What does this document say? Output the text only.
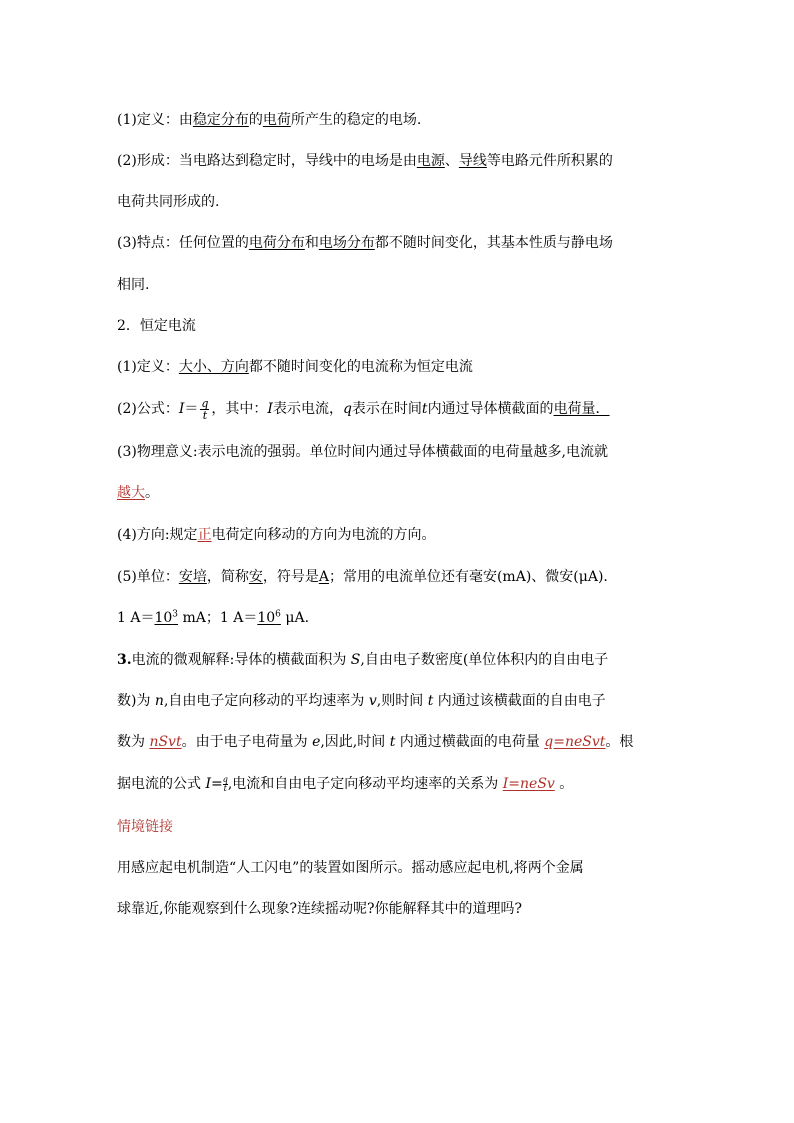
(1)定义：由稳定分布的电荷所产生的稳定的电场.
(2)形成：当电路达到稳定时，导线中的电场是由电源、导线等电路元件所积累的
电荷共同形成的.
(3)特点：任何位置的电荷分布和电场分布都不随时间变化，其基本性质与静电场
相同.
2．恒定电流
(1)定义：大小、方向都不随时间变化的电流称为恒定电流
(2)公式：$I= \frac{q}{t}$ ，其中：I表示电流，q表示在时间t内通过导体横截面的电荷量．
(3)物理意义:表示电流的强弱。单位时间内通过导体横截面的电荷量越多,电流就
越大。
(4)方向:规定正电荷定向移动的方向为电流的方向。
(5)单位：安培，简称安，符号是A；常用的电流单位还有毫安(mA)、微安(μA).
1 $A=10^3$ mA；1 $A=10^6$ μA.
3.电流的微观解释:导体的横截面积为 S,自由电子数密度(单位体积内的自由电子
数)为 n,自由电子定向移动的平均速率为 v,则时间 t 内通过该横截面的自由电子
数为 nSvt。由于电子电荷量为 e,因此,时间 t 内通过横截面的电荷量 q=neSvt。根
据电流的公式 $I= \frac{q}{t}$ ,电流和自由电子定向移动平均速率的关系为 I=neSv 。
情境链接
用感应起电机制造“人工闪电”的装置如图所示。摇动感应起电机,将两个金属
球靠近,你能观察到什么现象?连续摇动呢?你能解释其中的道理吗?
